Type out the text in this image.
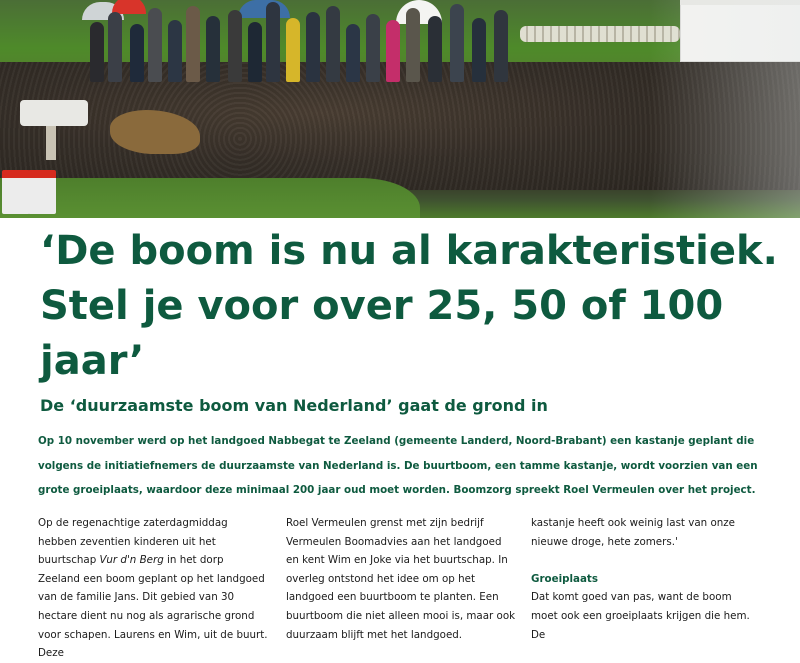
‘De boom is nu al karakteristiek. Stel je voor over 25, 50 of 100 jaar’
De ‘duurzaamste boom van Nederland’ gaat de grond in

Op 10 november werd op het landgoed Nabbegat te Zeeland (gemeente Landerd, Noord-Brabant) een kastanje geplant die volgens de initiatiefnemers de duurzaamste van Nederland is. De buurtboom, een tamme kastanje, wordt voorzien van een grote groeiplaats, waardoor deze minimaal 200 jaar oud moet worden. Boomzorg spreekt Roel Vermeulen over het project.

Op de regenachtige zaterdagmiddag hebben zeventien kinderen uit het buurtschap Vur d'n Berg in het dorp Zeeland een boom geplant op het landgoed van de familie Jans. Dit gebied van 30 hectare dient nu nog als agrarische grond voor schapen. Laurens en Wim, uit de buurt. Deze

Roel Vermeulen grenst met zijn bedrijf Vermeulen Boomadvies aan het landgoed en kent Wim en Joke via het buurtschap. In overleg ontstond het idee om op het landgoed een buurtboom te planten. Een buurtboom die niet alleen mooi is, maar ook duurzaam blijft met het landgoed.

kastanje heeft ook weinig last van onze nieuwe droge, hete zomers.'

Groeiplaats

Dat komt goed van pas, want de boom moet ook een groeiplaats krijgen die hem. De
